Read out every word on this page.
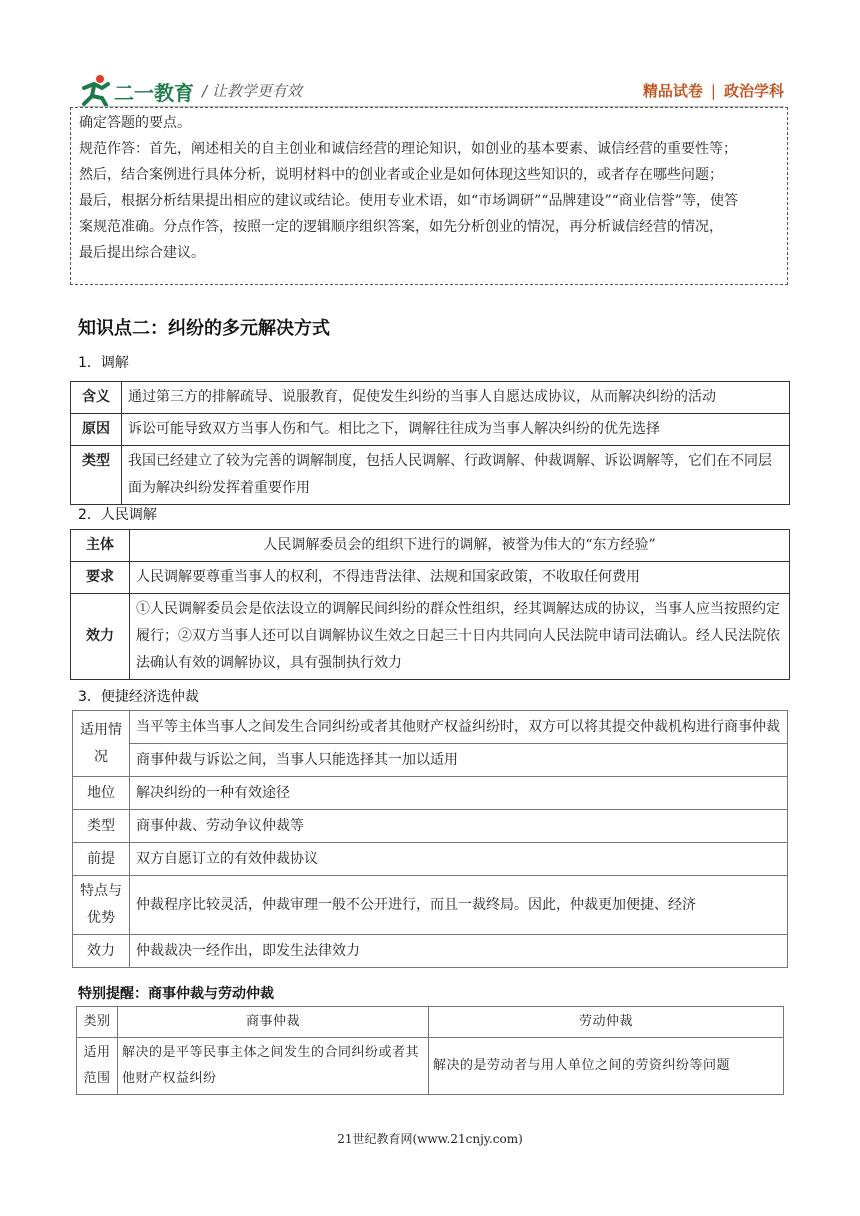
二一教育 / 让教学更有效	精品试卷 | 政治学科

确定答题的要点。

规范作答：首先，阐述相关的自主创业和诚信经营的理论知识，如创业的基本要素、诚信经营的重要性等；

然后，结合案例进行具体分析，说明材料中的创业者或企业是如何体现这些知识的，或者存在哪些问题；

最后，根据分析结果提出相应的建议或结论。使用专业术语，如“市场调研”“品牌建设”“商业信誉”等，使答

案规范准确。分点作答，按照一定的逻辑顺序组织答案，如先分析创业的情况，再分析诚信经营的情况，

最后提出综合建议。

知识点二：纠纷的多元解决方式
1．调解
含义	通过第三方的排解疏导、说服教育，促使发生纠纷的当事人自愿达成协议，从而解决纠纷的活动
原因	诉讼可能导致双方当事人伤和气。相比之下，调解往往成为当事人解决纠纷的优先选择
类型	我国已经建立了较为完善的调解制度，包括人民调解、行政调解、仲裁调解、诉讼调解等，它们在不同层面为解决纠纷发挥着重要作用
2．人民调解
主体	人民调解委员会的组织下进行的调解，被誉为伟大的“东方经验”
要求	人民调解要尊重当事人的权利，不得违背法律、法规和国家政策，不收取任何费用
效力	①人民调解委员会是依法设立的调解民间纠纷的群众性组织，经其调解达成的协议，当事人应当按照约定履行；②双方当事人还可以自调解协议生效之日起三十日内共同向人民法院申请司法确认。经人民法院依法确认有效的调解协议，具有强制执行效力
3．便捷经济选仲裁
适用情况	当平等主体当事人之间发生合同纠纷或者其他财产权益纠纷时，双方可以将其提交仲裁机构进行商事仲裁
	商事仲裁与诉讼之间，当事人只能选择其一加以适用
地位	解决纠纷的一种有效途径
类型	商事仲裁、劳动争议仲裁等
前提	双方自愿订立的有效仲裁协议
特点与优势	仲裁程序比较灵活，仲裁审理一般不公开进行，而且一裁终局。因此，仲裁更加便捷、经济
效力	仲裁裁决一经作出，即发生法律效力
特别提醒：商事仲裁与劳动仲裁
类别	商事仲裁	劳动仲裁
适用范围	解决的是平等民事主体之间发生的合同纠纷或者其他财产权益纠纷	解决的是劳动者与用人单位之间的劳资纠纷等问题
21世纪教育网(www.21cnjy.com)
